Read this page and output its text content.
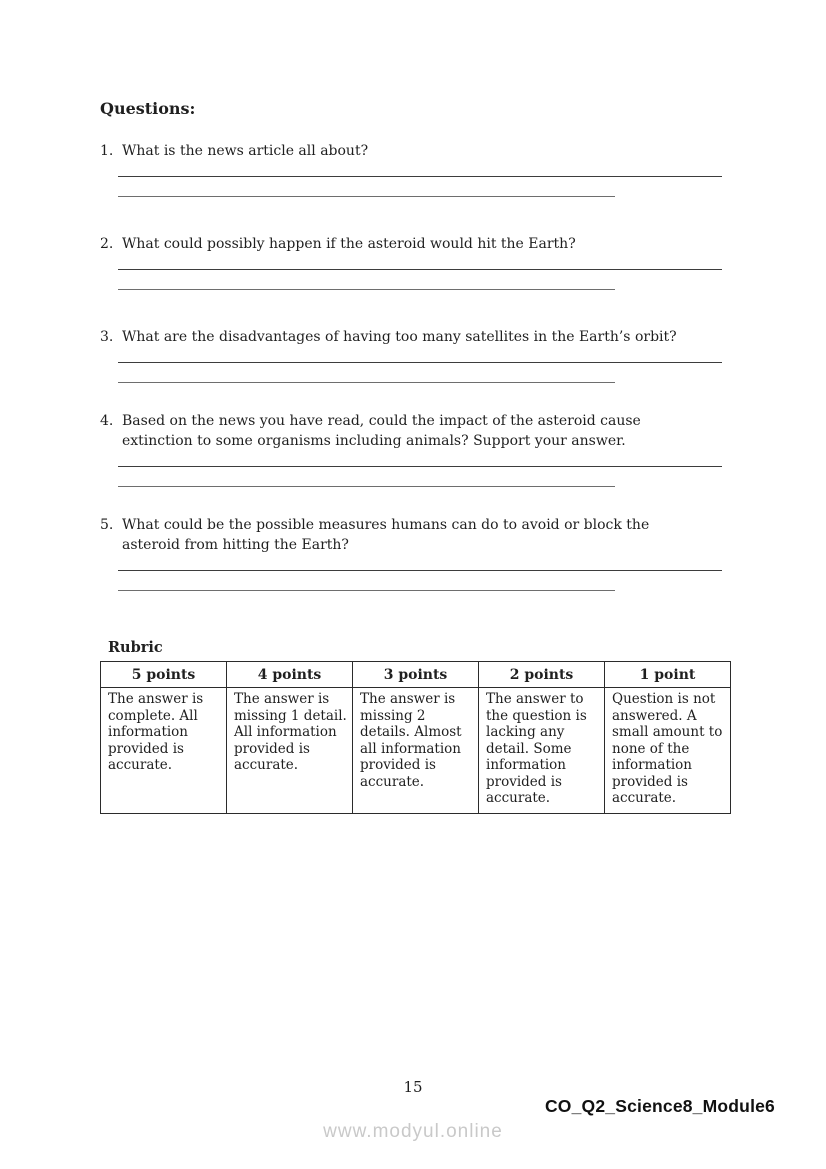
Questions:
1. What is the news article all about?
2. What could possibly happen if the asteroid would hit the Earth?
3. What are the disadvantages of having too many satellites in the Earth’s orbit?
4. Based on the news you have read, could the impact of the asteroid cause
extinction to some organisms including animals? Support your answer.
5. What could be the possible measures humans can do to avoid or block the
asteroid from hitting the Earth?
Rubric
5 points	4 points	3 points	2 points	1 point
The answer is complete. All information provided is accurate.	The answer is missing 1 detail. All information provided is accurate.	The answer is missing 2 details. Almost all information provided is accurate.	The answer to the question is lacking any detail. Some information provided is accurate.	Question is not answered. A small amount to none of the information provided is accurate.
15
CO_Q2_Science8_Module6
www.modyul.online
